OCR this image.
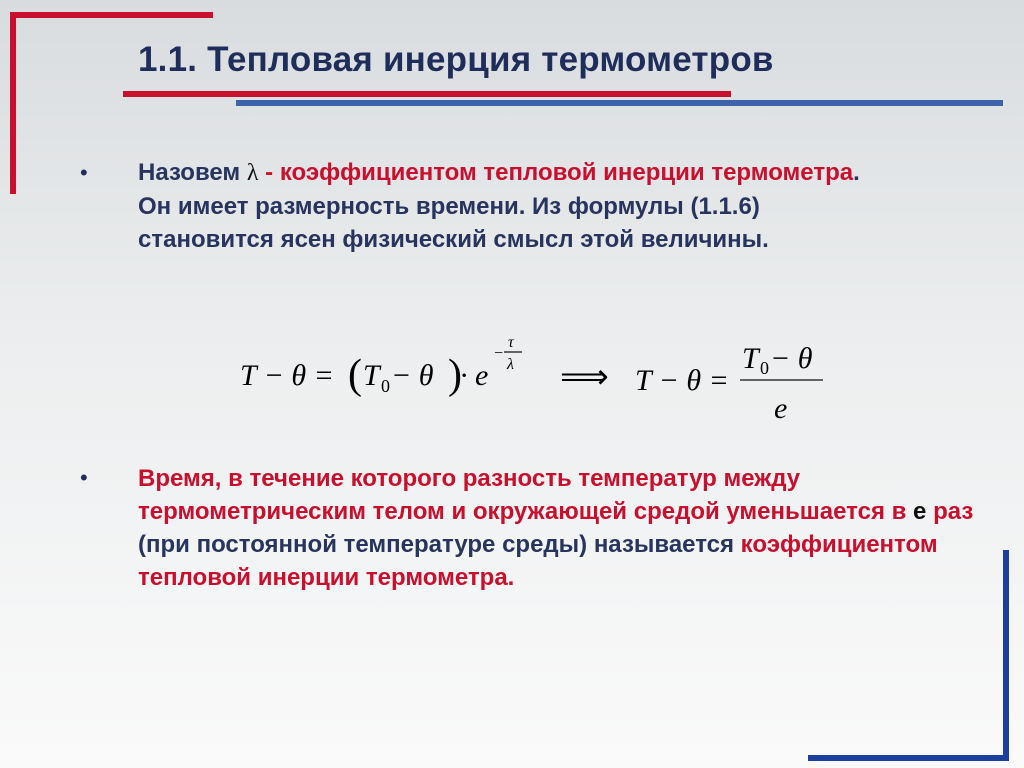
1.1. Тепловая инерция термометров
• Назовем λ - коэффициентом тепловой инерции термометра. Он имеет размерность времени. Из формулы (1.1.6) становится ясен физический смысл этой величины.
T − θ = ( T 0 − θ )
· e
−
τ
λ ⟹ T − θ =
T 0 − θ
e
• Время, в течение которого разность температур между термометрическим телом и окружающей средой уменьшается в е раз (при постоянной температуре среды) называется коэффициентом тепловой инерции термометра.
